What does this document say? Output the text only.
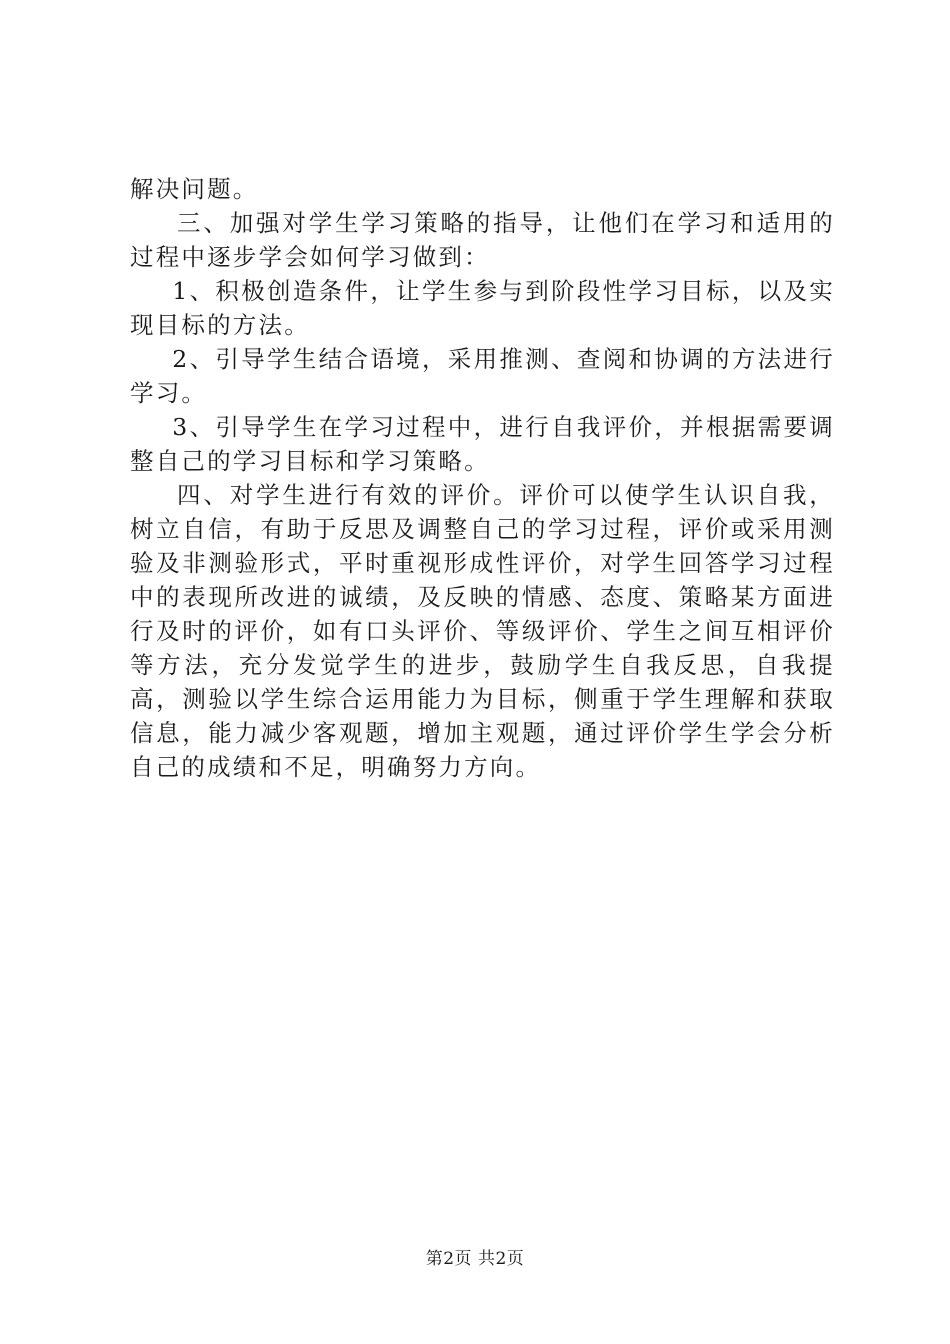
解决问题。

三、加强对学生学习策略的指导，让他们在学习和适用的过程中逐步学会如何学习做到：

1、积极创造条件，让学生参与到阶段性学习目标，以及实现目标的方法。

2、引导学生结合语境，采用推测、查阅和协调的方法进行学习。

3、引导学生在学习过程中，进行自我评价，并根据需要调整自己的学习目标和学习策略。

四、对学生进行有效的评价。评价可以使学生认识自我，树立自信，有助于反思及调整自己的学习过程，评价或采用测验及非测验形式，平时重视形成性评价，对学生回答学习过程中的表现所改进的诚绩，及反映的情感、态度、策略某方面进行及时的评价，如有口头评价、等级评价、学生之间互相评价等方法，充分发觉学生的进步，鼓励学生自我反思，自我提高，测验以学生综合运用能力为目标，侧重于学生理解和获取信息，能力减少客观题，增加主观题，通过评价学生学会分析自己的成绩和不足，明确努力方向。

第2页 共2页
